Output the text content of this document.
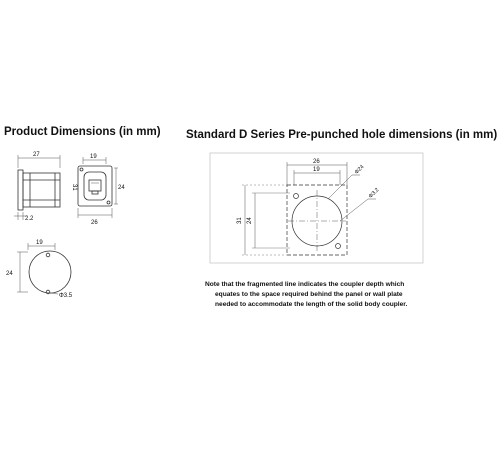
Product Dimensions (in mm) Standard D Series Pre-punched hole dimensions (in mm)
27
2.2
19
31	24
26
19
24
Φ3.5
26
19
31 24
Φ24
Φ3.2
Note that the fragmented line indicates the coupler depth which
equates to the space required behind the panel or wall plate
needed to accommodate the length of the solid body coupler.
